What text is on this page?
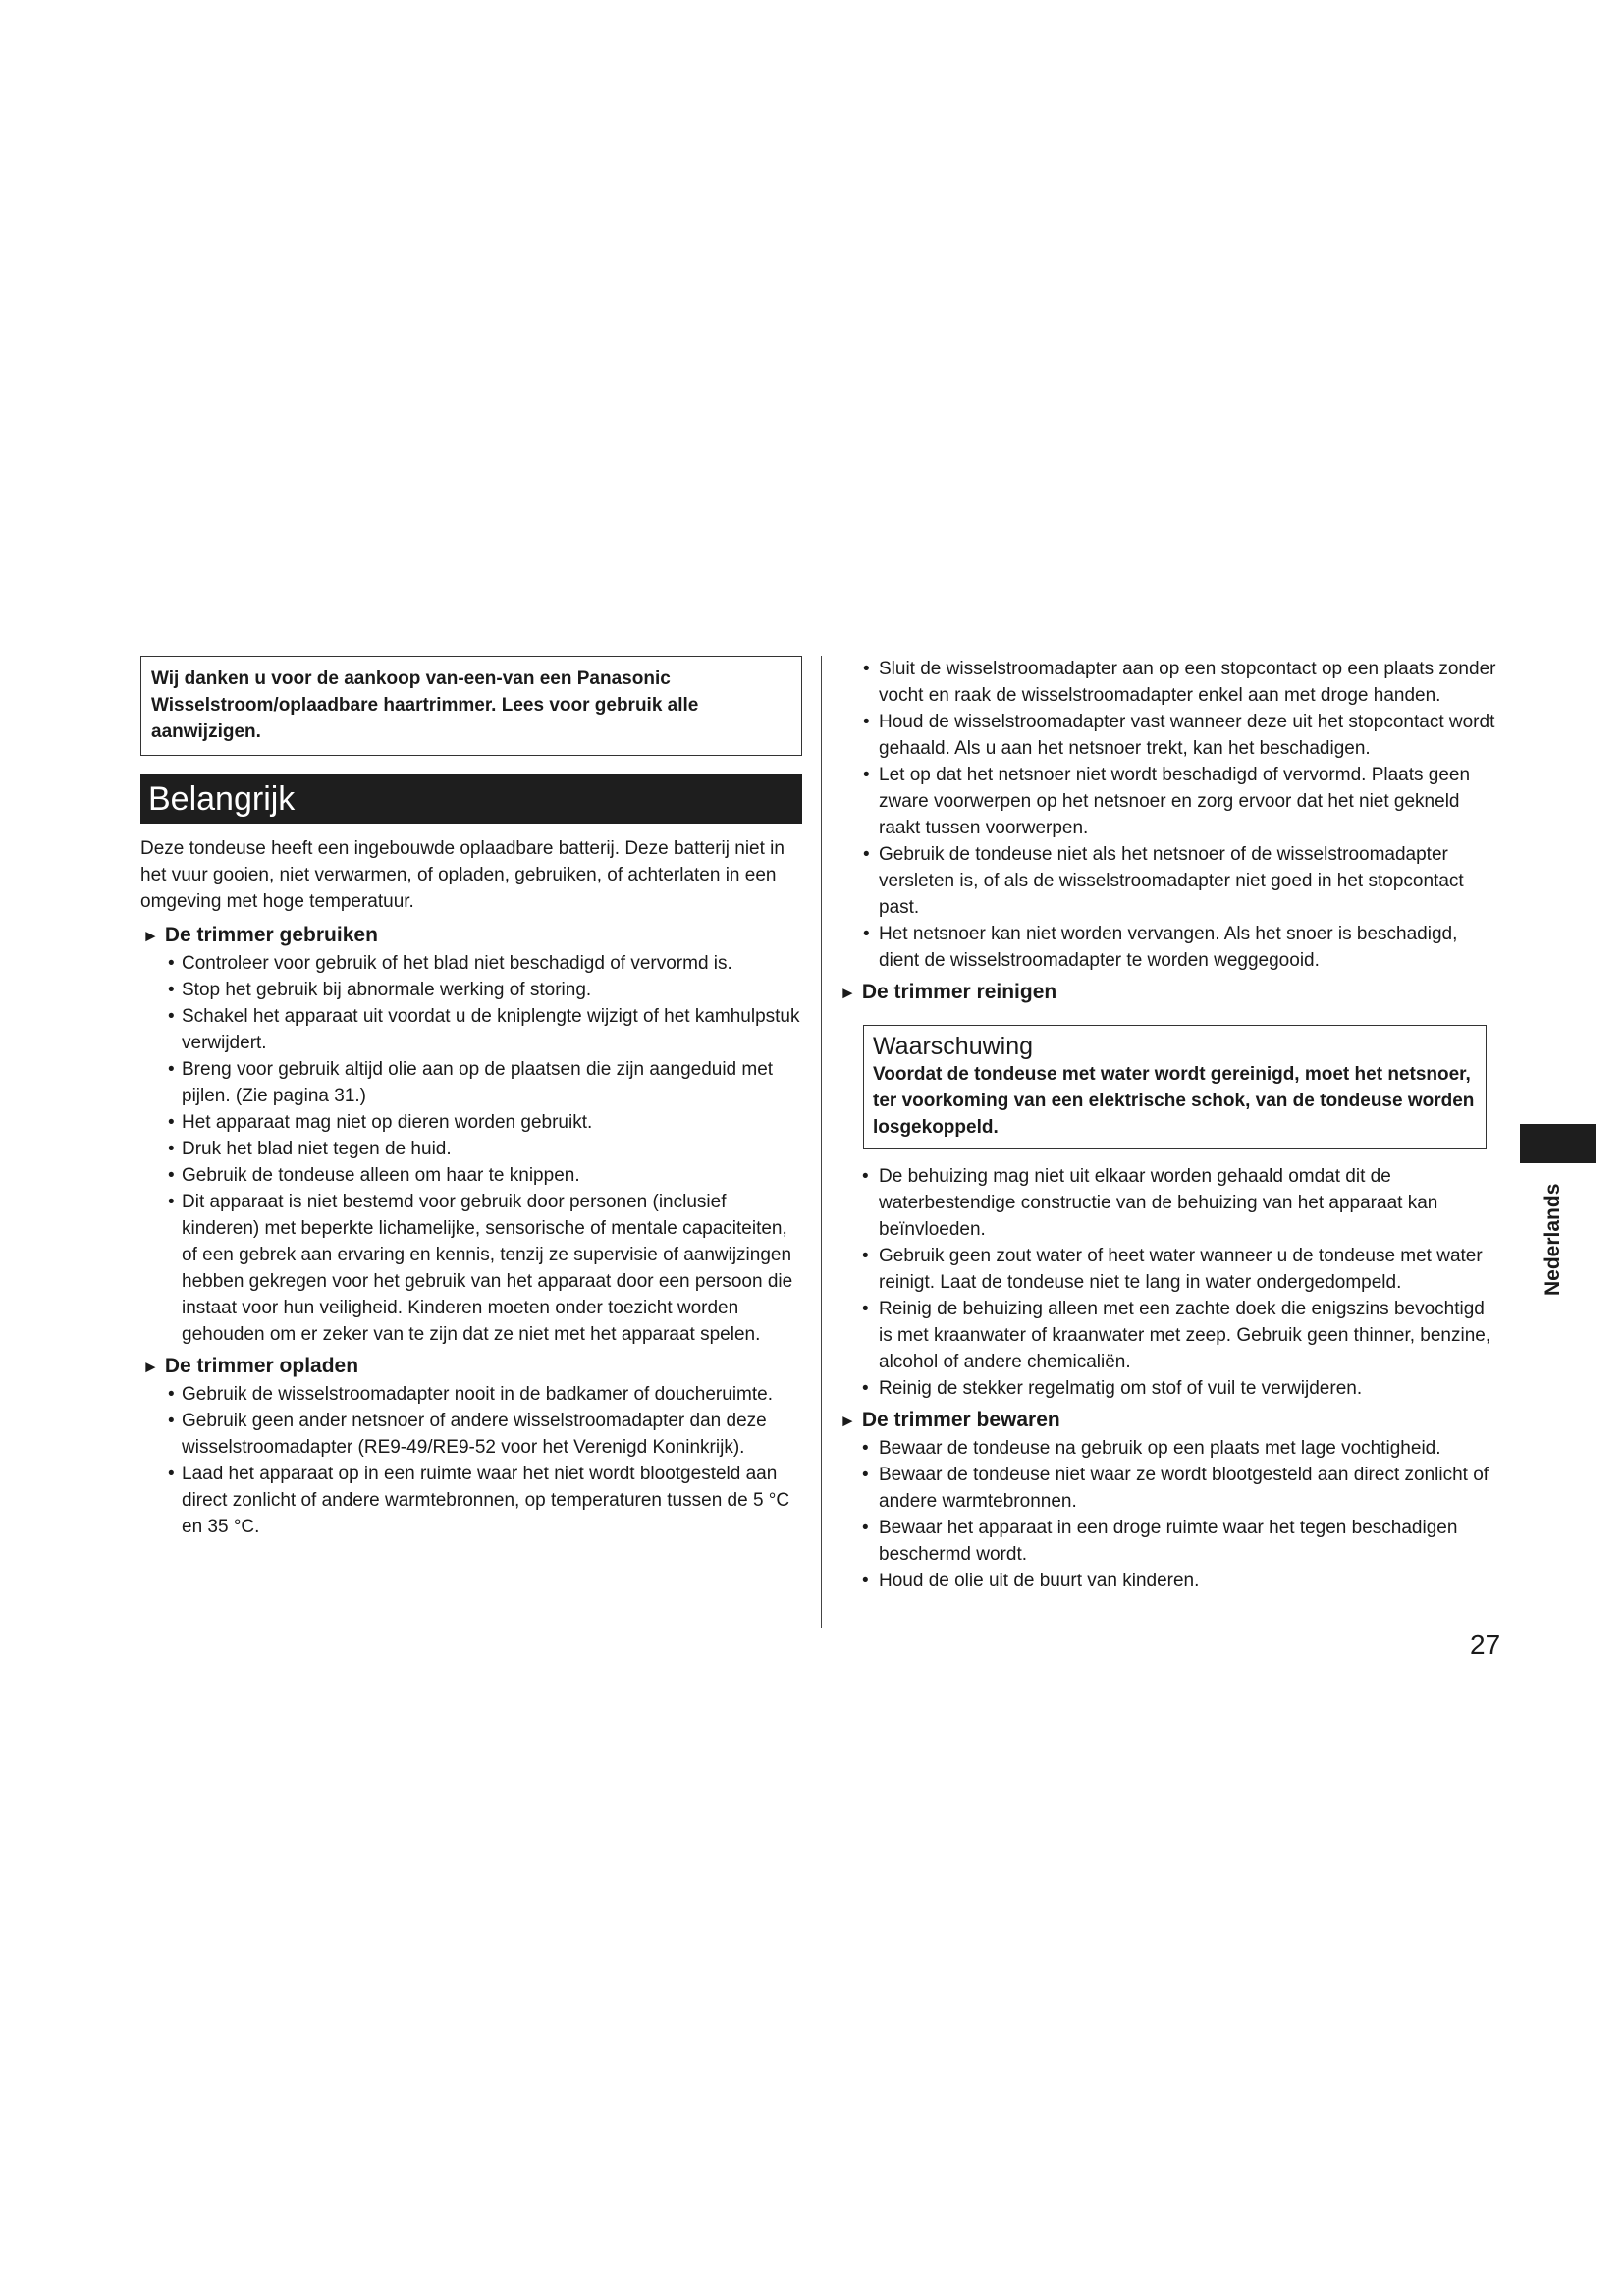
Wij danken u voor de aankoop van-een-van een Panasonic Wisselstroom/oplaadbare haartrimmer. Lees voor gebruik alle aanwijzigen.

Belangrijk

Deze tondeuse heeft een ingebouwde oplaadbare batterij. Deze batterij niet in het vuur gooien, niet verwarmen, of opladen, gebruiken, of achterlaten in een omgeving met hoge temperatuur.

► De trimmer gebruiken

• Controleer voor gebruik of het blad niet beschadigd of vervormd is.
• Stop het gebruik bij abnormale werking of storing.
• Schakel het apparaat uit voordat u de kniplengte wijzigt of het kamhulpstuk verwijdert.
• Breng voor gebruik altijd olie aan op de plaatsen die zijn aangeduid met pijlen. (Zie pagina 31.)
• Het apparaat mag niet op dieren worden gebruikt.
• Druk het blad niet tegen de huid.
• Gebruik de tondeuse alleen om haar te knippen.
• Dit apparaat is niet bestemd voor gebruik door personen (inclusief kinderen) met beperkte lichamelijke, sensorische of mentale capaciteiten, of een gebrek aan ervaring en kennis, tenzij ze supervisie of aanwijzingen hebben gekregen voor het gebruik van het apparaat door een persoon die instaat voor hun veiligheid. Kinderen moeten onder toezicht worden gehouden om er zeker van te zijn dat ze niet met het apparaat spelen.

► De trimmer opladen

• Gebruik de wisselstroomadapter nooit in de badkamer of doucheruimte.
• Gebruik geen ander netsnoer of andere wisselstroomadapter dan deze wisselstroomadapter (RE9-49/RE9-52 voor het Verenigd Koninkrijk).
• Laad het apparaat op in een ruimte waar het niet wordt blootgesteld aan direct zonlicht of andere warmtebronnen, op temperaturen tussen de 5 °C en 35 °C.
• Sluit de wisselstroomadapter aan op een stopcontact op een plaats zonder vocht en raak de wisselstroomadapter enkel aan met droge handen.
• Houd de wisselstroomadapter vast wanneer deze uit het stopcontact wordt gehaald. Als u aan het netsnoer trekt, kan het beschadigen.
• Let op dat het netsnoer niet wordt beschadigd of vervormd. Plaats geen zware voorwerpen op het netsnoer en zorg ervoor dat het niet gekneld raakt tussen voorwerpen.
• Gebruik de tondeuse niet als het netsnoer of de wisselstroomadapter versleten is, of als de wisselstroomadapter niet goed in het stopcontact past.
• Het netsnoer kan niet worden vervangen. Als het snoer is beschadigd, dient de wisselstroomadapter te worden weggegooid.

► De trimmer reinigen

Waarschuwing

Voordat de tondeuse met water wordt gereinigd, moet het netsnoer, ter voorkoming van een elektrische schok, van de tondeuse worden losgekoppeld.

• De behuizing mag niet uit elkaar worden gehaald omdat dit de waterbestendige constructie van de behuizing van het apparaat kan beïnvloeden.
• Gebruik geen zout water of heet water wanneer u de tondeuse met water reinigt. Laat de tondeuse niet te lang in water ondergedompeld.
• Reinig de behuizing alleen met een zachte doek die enigszins bevochtigd is met kraanwater of kraanwater met zeep. Gebruik geen thinner, benzine, alcohol of andere chemicaliën.
• Reinig de stekker regelmatig om stof of vuil te verwijderen.

► De trimmer bewaren

• Bewaar de tondeuse na gebruik op een plaats met lage vochtigheid.
• Bewaar de tondeuse niet waar ze wordt blootgesteld aan direct zonlicht of andere warmtebronnen.
• Bewaar het apparaat in een droge ruimte waar het tegen beschadigen beschermd wordt.
• Houd de olie uit de buurt van kinderen.
Nederlands
27
